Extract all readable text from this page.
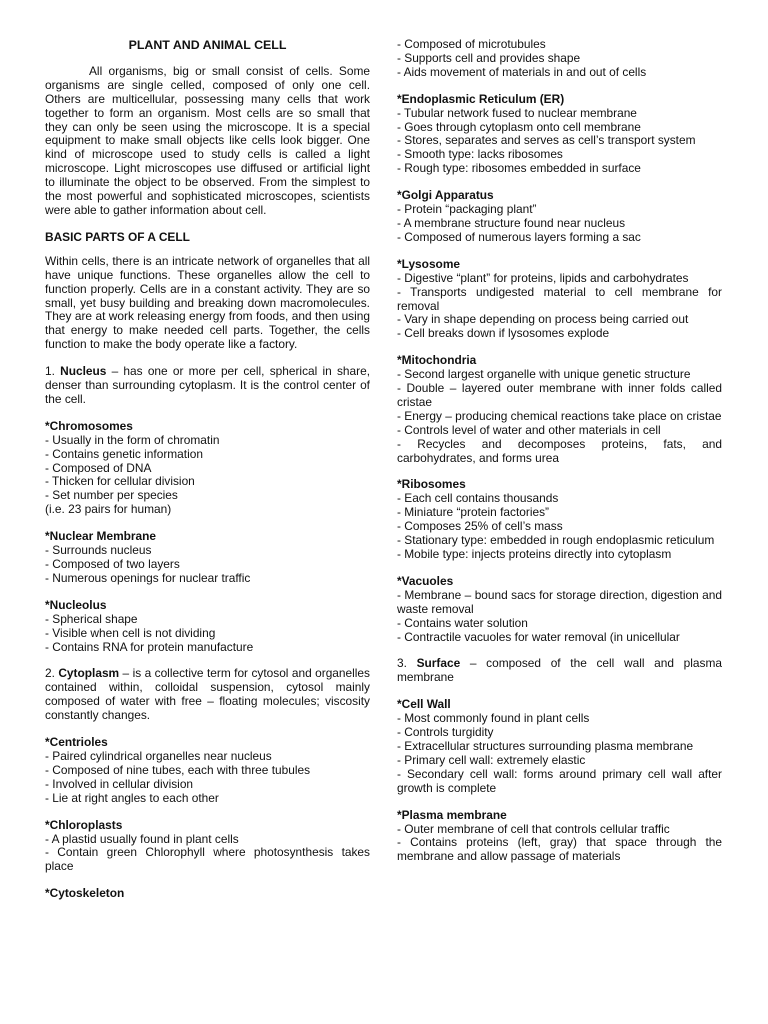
PLANT AND ANIMAL CELL

All organisms, big or small consist of cells. Some organisms are single celled, composed of only one cell. Others are multicellular, possessing many cells that work together to form an organism. Most cells are so small that they can only be seen using the microscope. It is a special equipment to make small objects like cells look bigger. One kind of microscope used to study cells is called a light microscope. Light microscopes use diffused or artificial light to illuminate the object to be observed. From the simplest to the most powerful and sophisticated microscopes, scientists were able to gather information about cell.

BASIC PARTS OF A CELL

Within cells, there is an intricate network of organelles that all have unique functions. These organelles allow the cell to function properly. Cells are in a constant activity. They are so small, yet busy building and breaking down macromolecules. They are at work releasing energy from foods, and then using that energy to make needed cell parts. Together, the cells function to make the body operate like a factory.

1. Nucleus – has one or more per cell, spherical in share, denser than surrounding cytoplasm. It is the control center of the cell.

*Chromosomes
- Usually in the form of chromatin
- Contains genetic information
- Composed of DNA
- Thicken for cellular division
- Set number per species
(i.e. 23 pairs for human)
*Nuclear Membrane
- Surrounds nucleus
- Composed of two layers
- Numerous openings for nuclear traffic
*Nucleolus
- Spherical shape
- Visible when cell is not dividing
- Contains RNA for protein manufacture

2. Cytoplasm – is a collective term for cytosol and organelles contained within, colloidal suspension, cytosol mainly composed of water with free – floating molecules; viscosity constantly changes.

*Centrioles
- Paired cylindrical organelles near nucleus
- Composed of nine tubes, each with three tubules
- Involved in cellular division
- Lie at right angles to each other
*Chloroplasts
- A plastid usually found in plant cells
- Contain green Chlorophyll where photosynthesis takes place
*Cytoskeleton
- Composed of microtubules
- Supports cell and provides shape
- Aids movement of materials in and out of cells
*Endoplasmic Reticulum (ER)
- Tubular network fused to nuclear membrane
- Goes through cytoplasm onto cell membrane
- Stores, separates and serves as cell’s transport system
- Smooth type: lacks ribosomes
- Rough type: ribosomes embedded in surface
*Golgi Apparatus
- Protein “packaging plant”
- A membrane structure found near nucleus
- Composed of numerous layers forming a sac
*Lysosome
- Digestive “plant” for proteins, lipids and carbohydrates
- Transports undigested material to cell membrane for removal
- Vary in shape depending on process being carried out
- Cell breaks down if lysosomes explode
*Mitochondria
- Second largest organelle with unique genetic structure
- Double – layered outer membrane with inner folds called cristae
- Energy – producing chemical reactions take place on cristae
- Controls level of water and other materials in cell
- Recycles and decomposes proteins, fats, and carbohydrates, and forms urea
*Ribosomes
- Each cell contains thousands
- Miniature “protein factories”
- Composes 25% of cell’s mass
- Stationary type: embedded in rough endoplasmic reticulum
- Mobile type: injects proteins directly into cytoplasm
*Vacuoles
- Membrane – bound sacs for storage direction, digestion and waste removal
- Contains water solution
- Contractile vacuoles for water removal (in unicellular

3. Surface – composed of the cell wall and plasma membrane

*Cell Wall
- Most commonly found in plant cells
- Controls turgidity
- Extracellular structures surrounding plasma membrane
- Primary cell wall: extremely elastic
- Secondary cell wall: forms around primary cell wall after growth is complete
*Plasma membrane
- Outer membrane of cell that controls cellular traffic
- Contains proteins (left, gray) that space through the membrane and allow passage of materials
